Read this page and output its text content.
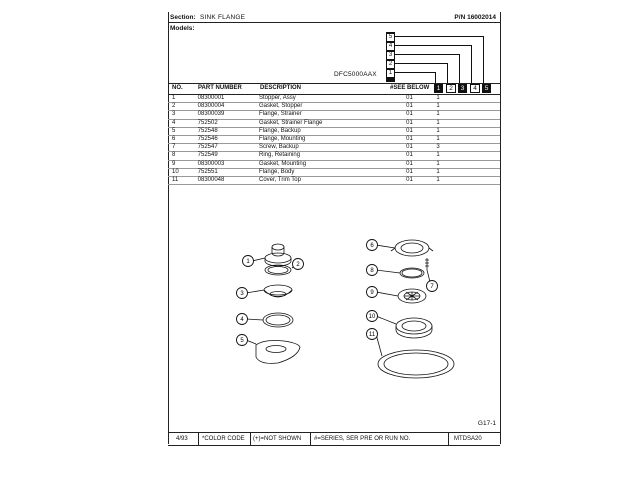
Section: SINK FLANGE	P/N 16002014
Models:
DFC5000AAX
5
4
3
2
1
NO.	PART NUMBER	DESCRIPTION	#SEE BELOW	1	2	3	4	5
1	08300001	Stopper, Assy	01	1				
2	08300004	Gasket, Stopper	01	1				
3	08300039	Flange, Strainer	01	1				
4	752502	Gasket, Strainer Flange	01	1				
5	752548	Flange, Backup	01	1				
6	752546	Flange, Mounting	01	1				
7	752547	Screw, Backup	01	3				
8	752549	Ring, Retaining	01	1				
9	08300003	Gasket, Mounting	01	1				
10	752551	Flange, Body	01	1				
11	08300048	Cover, Trim Top	01	1				
1	2
3
4
5
6
7
8
9
10
11
G17-1
4/93 *COLOR CODE (+)=NOT SHOWN #=SERIES, SER PRE OR RUN NO.	MTDSA20
